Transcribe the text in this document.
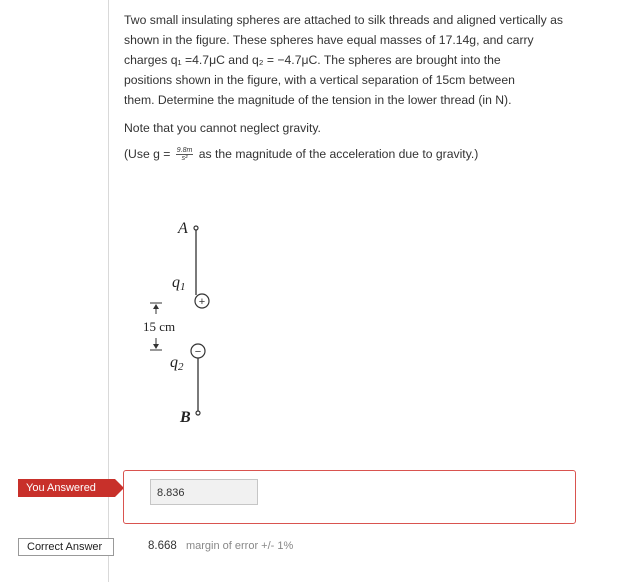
Two small insulating spheres are attached to silk threads and aligned vertically as

shown in the figure. These spheres have equal masses of 17.14g, and carry

charges q₁ =4.7μC and q₂ = −4.7μC. The spheres are brought into the

positions shown in the figure, with a vertical separation of 15cm between

them. Determine the magnitude of the tension in the lower thread (in N).

Note that you cannot neglect gravity.

(Use $g = \frac{9.8m}{\text{s²}}$ as the magnitude of the acceleration due to gravity.)

A
q1
+
15 cm
−
q2
B
You Answered	8.836
Correct Answer	8.668 margin of error +/- 1%
